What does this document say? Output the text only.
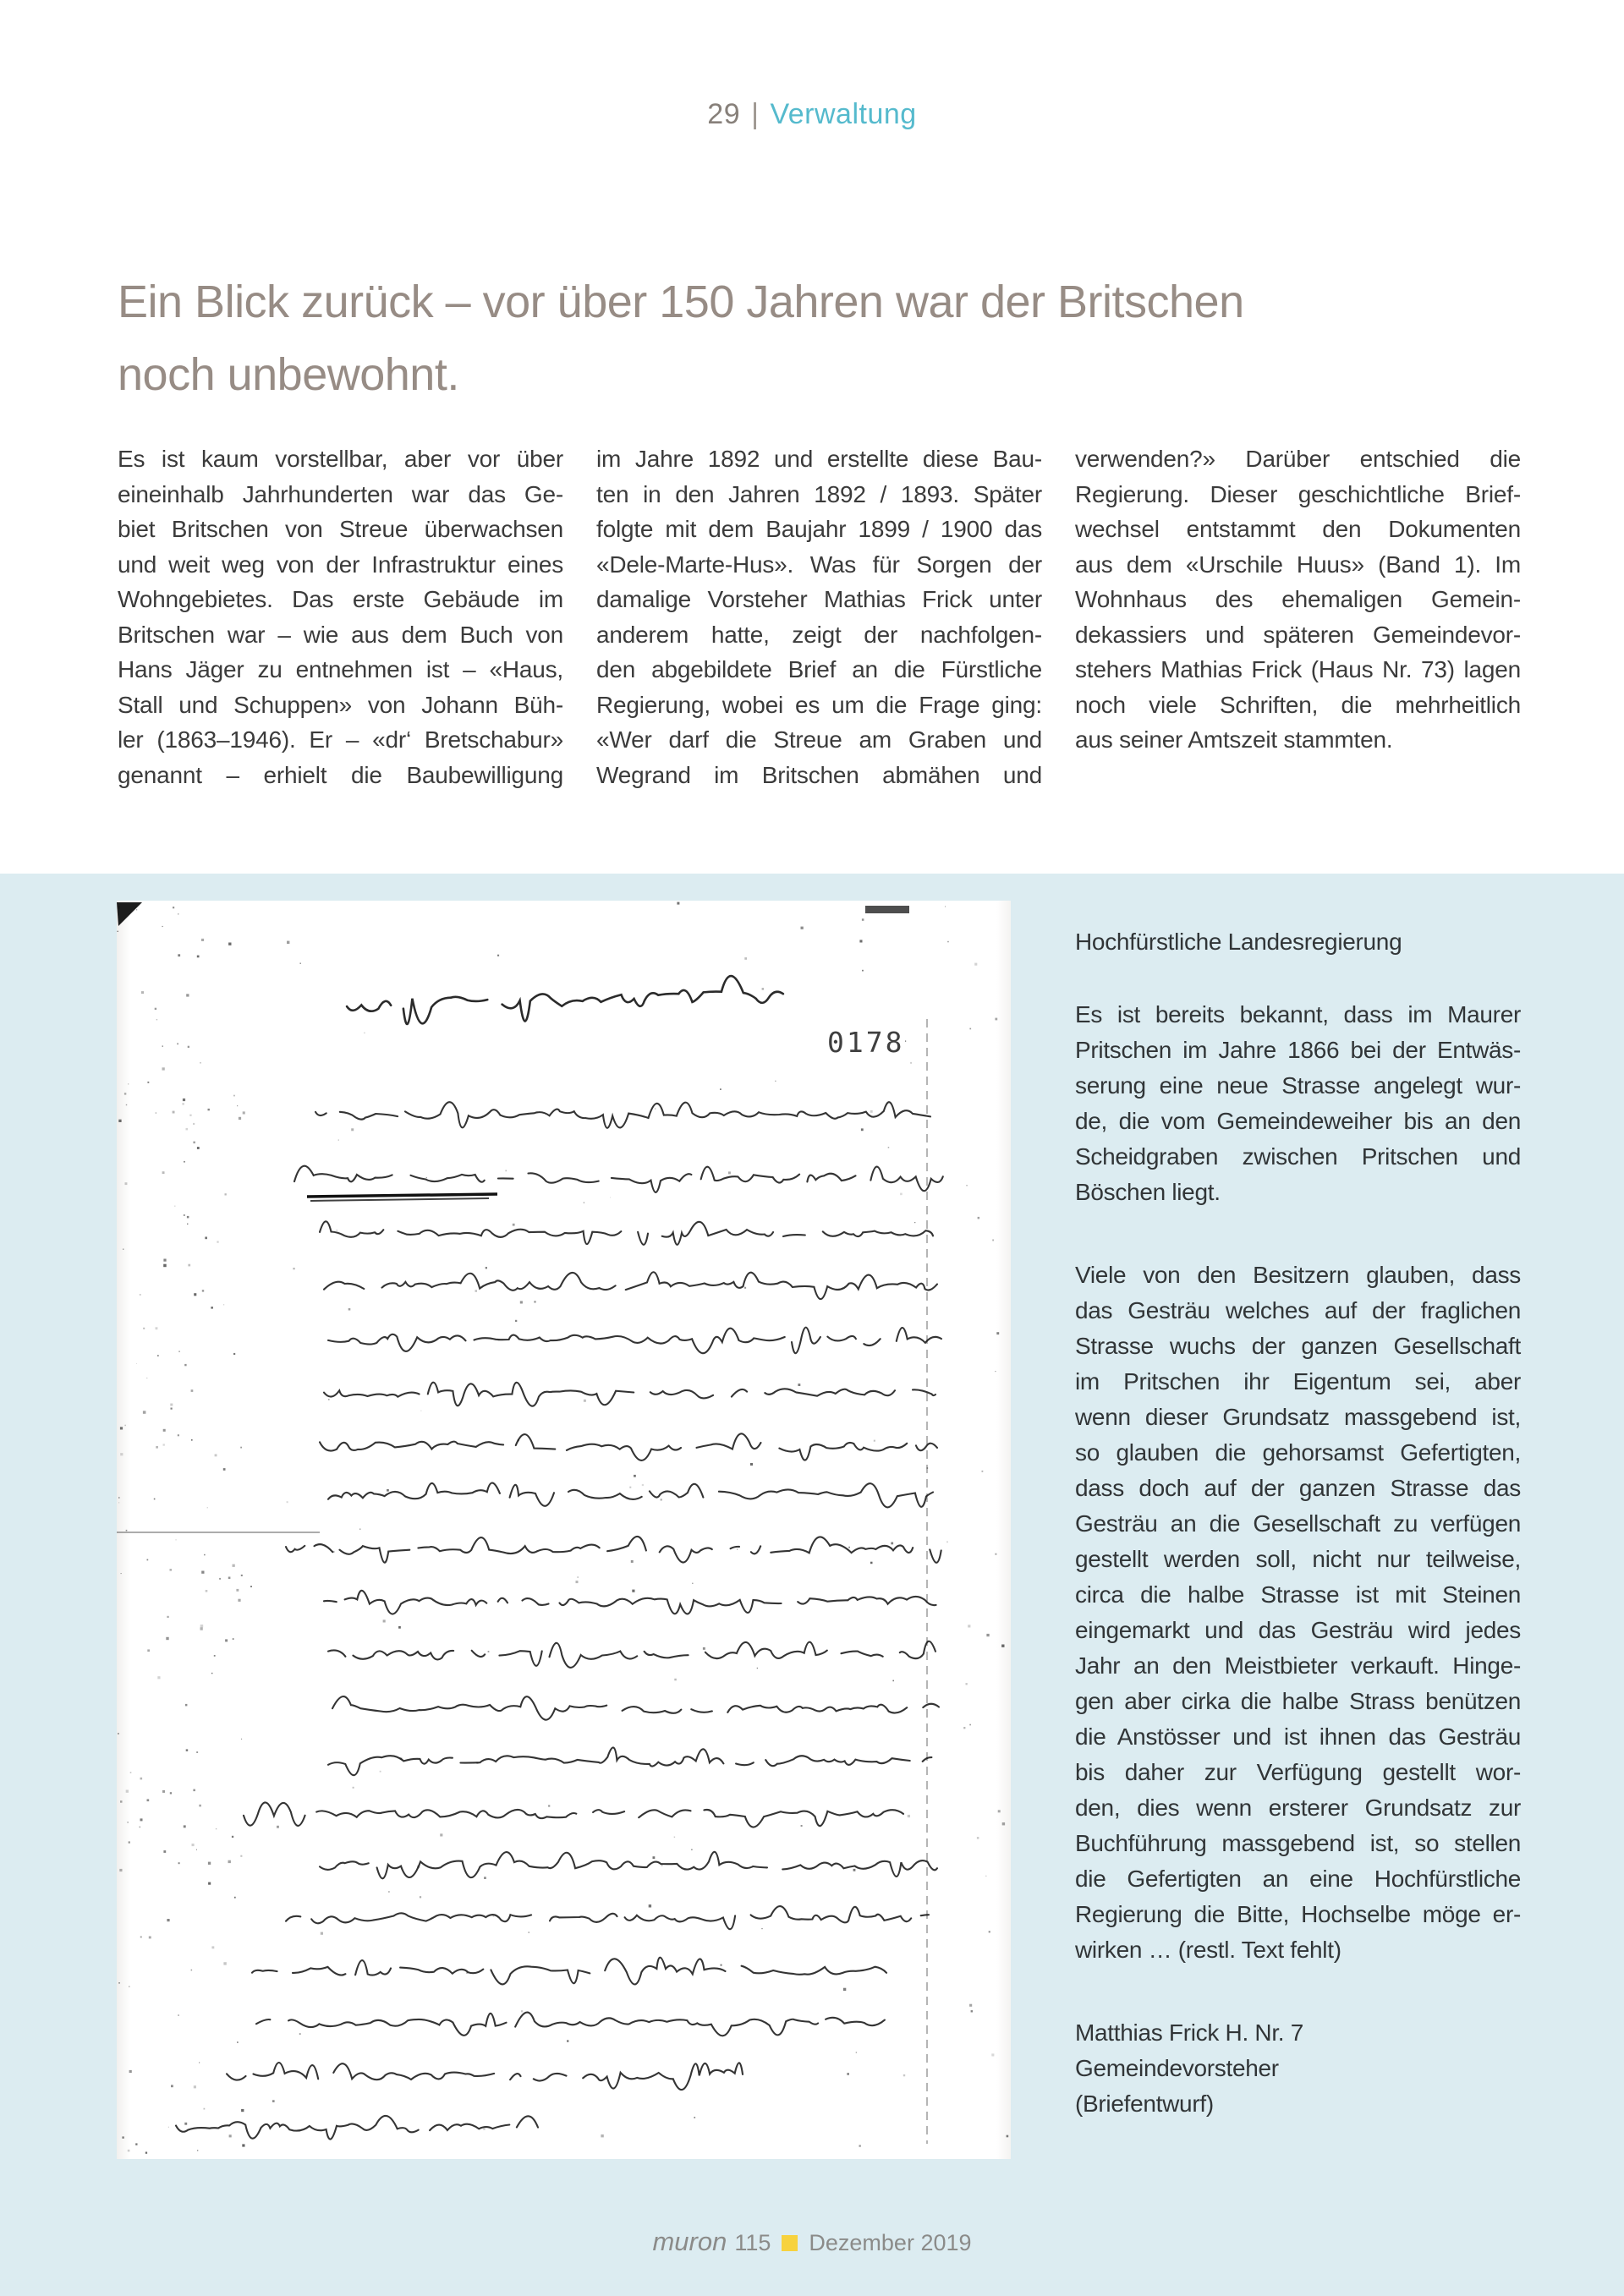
29 | Verwaltung
Ein Blick zurück – vor über 150 Jahren war der Britschen
noch unbewohnt.
Es ist kaum vorstellbar, aber vor über
eineinhalb Jahrhunderten war das Ge-
biet Britschen von Streue überwachsen
und weit weg von der Infrastruktur eines
Wohngebietes. Das erste Gebäude im
Britschen war – wie aus dem Buch von
Hans Jäger zu entnehmen ist – «Haus,
Stall und Schuppen» von Johann Büh-
ler (1863–1946). Er – «dr‘ Bretschabur»
genannt – erhielt die Baubewilligung
im Jahre 1892 und erstellte diese Bau-
ten in den Jahren 1892 / 1893. Später
folgte mit dem Baujahr 1899 / 1900 das
«Dele-Marte-Hus». Was für Sorgen der
damalige Vorsteher Mathias Frick unter
anderem hatte, zeigt der nachfolgen-
den abgebildete Brief an die Fürstliche
Regierung, wobei es um die Frage ging:
«Wer darf die Streue am Graben und
Wegrand im Britschen abmähen und
verwenden?» Darüber entschied die
Regierung. Dieser geschichtliche Brief-
wechsel entstammt den Dokumenten
aus dem «Urschile Huus» (Band 1). Im
Wohnhaus des ehemaligen Gemein-
dekassiers und späteren Gemeindevor-
stehers Mathias Frick (Haus Nr. 73) lagen
noch viele Schriften, die mehrheitlich
aus seiner Amtszeit stammten.
0178
Hochfürstliche Landesregierung
Es ist bereits bekannt, dass im Maurer
Pritschen im Jahre 1866 bei der Entwäs-
serung eine neue Strasse angelegt wur-
de, die vom Gemeindeweiher bis an den
Scheidgraben zwischen Pritschen und
Böschen liegt.
Viele von den Besitzern glauben, dass
das Gesträu welches auf der fraglichen
Strasse wuchs der ganzen Gesellschaft
im Pritschen ihr Eigentum sei, aber
wenn dieser Grundsatz massgebend ist,
so glauben die gehorsamst Gefertigten,
dass doch auf der ganzen Strasse das
Gesträu an die Gesellschaft zu verfügen
gestellt werden soll, nicht nur teilweise,
circa die halbe Strasse ist mit Steinen
eingemarkt und das Gesträu wird jedes
Jahr an den Meistbieter verkauft. Hinge-
gen aber cirka die halbe Strass benützen
die Anstösser und ist ihnen das Gesträu
bis daher zur Verfügung gestellt wor-
den, dies wenn ersterer Grundsatz zur
Buchführung massgebend ist, so stellen
die Gefertigten an eine Hochfürstliche
Regierung die Bitte, Hochselbe möge er-
wirken … (restl. Text fehlt)
Matthias Frick H. Nr. 7
Gemeindevorsteher
(Briefentwurf)
muron 115 Dezember 2019
